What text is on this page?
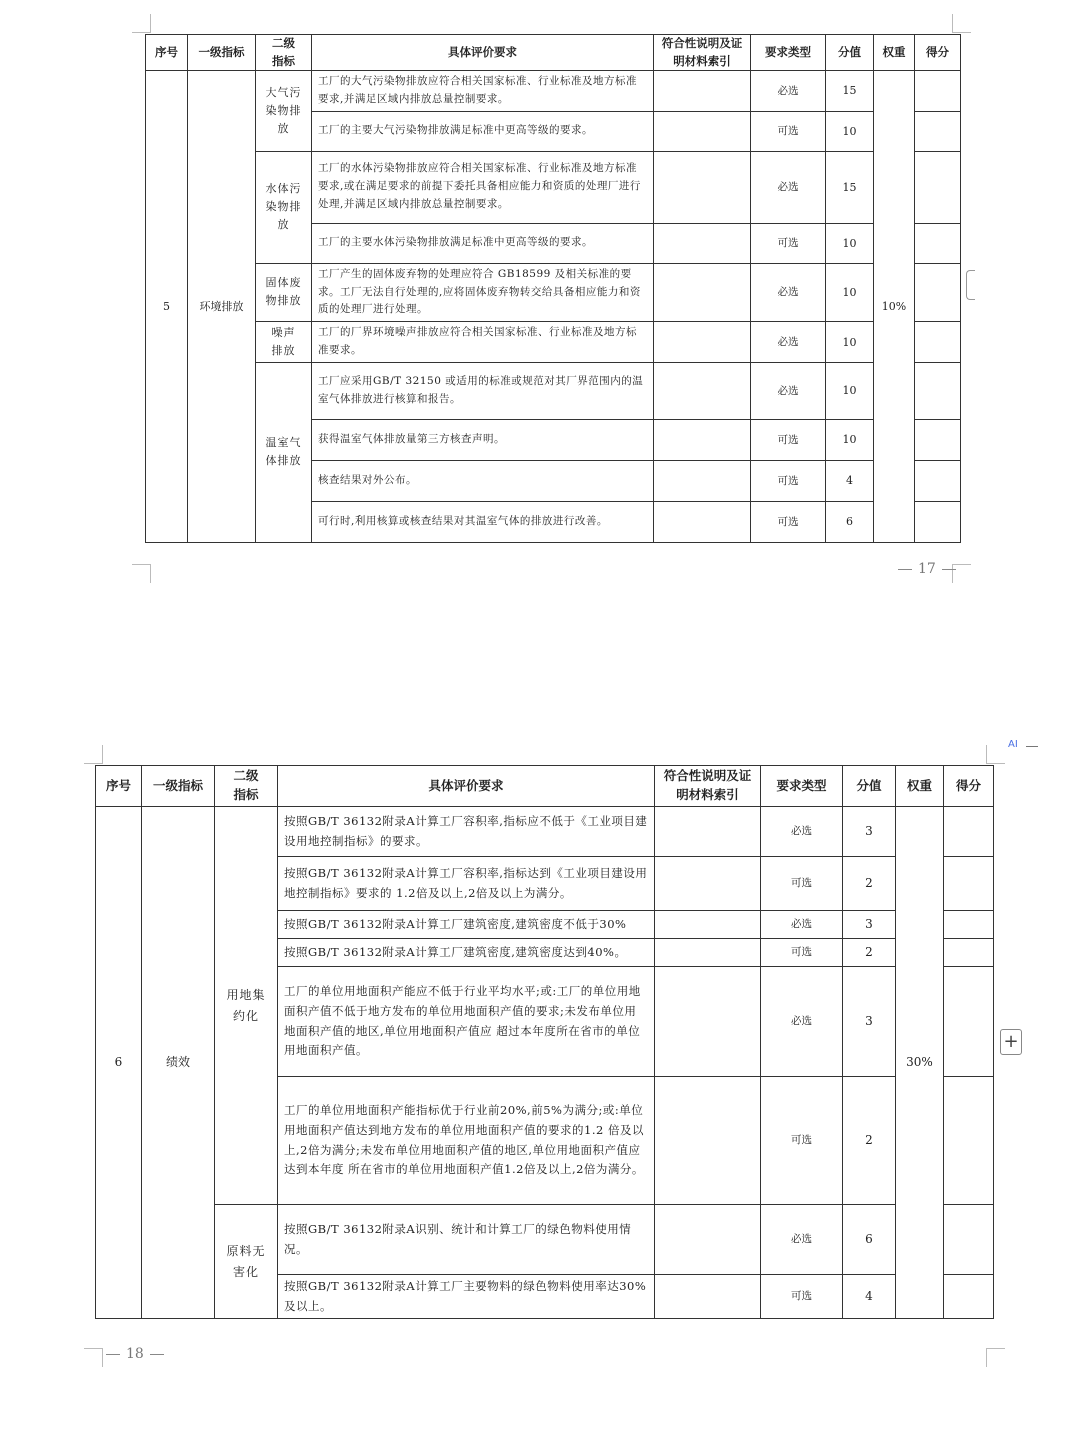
序号	一级指标	二级
指标	具体评价要求	符合性说明及证
明材料索引	要求类型	分值	权重	得分
5	环境排放	大气污
染物排
放	工厂的大气污染物排放应符合相关国家标准、行业标准及地方标准要求,并满足区域内排放总量控制要求。		必选	15	10%	
			工厂的主要大气污染物排放满足标准中更高等级的要求。		可选	10		
		水体污
染物排
放	工厂的水体污染物排放应符合相关国家标准、行业标准及地方标准要求,或在满足要求的前提下委托具备相应能力和资质的处理厂进行处理,并满足区域内排放总量控制要求。		必选	15		
			工厂的主要水体污染物排放满足标准中更高等级的要求。		可选	10		
		固体废
物排放	工厂产生的固体废弃物的处理应符合 GB18599 及相关标准的要求。工厂无法自行处理的,应将固体废弃物转交给具备相应能力和资质的处理厂进行处理。		必选	10		
		噪声
排放	工厂的厂界环境噪声排放应符合相关国家标准、行业标准及地方标准要求。		必选	10		
		温室气
体排放	工厂应采用GB/T 32150 或适用的标准或规范对其厂界范围内的温室气体排放进行核算和报告。		必选	10		
			获得温室气体排放量第三方核查声明。		可选	10		
			核查结果对外公布。		可选	4		
			可行时,利用核算或核查结果对其温室气体的排放进行改善。		可选	6		
17
AI
+
序号	一级指标	二级
指标	具体评价要求	符合性说明及证
明材料索引	要求类型	分值	权重	得分
6	绩效	用地集
约化	按照GB/T 36132附录A计算工厂容积率,指标应不低于《工业项目建设用地控制指标》的要求。		必选	3	30%	
			按照GB/T 36132附录A计算工厂容积率,指标达到《工业项目建设用地控制指标》要求的 1.2倍及以上,2倍及以上为满分。		可选	2		
			按照GB/T 36132附录A计算工厂建筑密度,建筑密度不低于30%		必选	3		
			按照GB/T 36132附录A计算工厂建筑密度,建筑密度达到40%。		可选	2		
			工厂的单位用地面积产能应不低于行业平均水平;或:工厂的单位用地面积产值不低于地方发布的单位用地面积产值的要求;未发布单位用地面积产值的地区,单位用地面积产值应 超过本年度所在省市的单位用地面积产值。		必选	3		
			工厂的单位用地面积产能指标优于行业前20%,前5%为满分;或:单位用地面积产值达到地方发布的单位用地面积产值的要求的1.2 倍及以上,2倍为满分;未发布单位用地面积产值的地区,单位用地面积产值应达到本年度 所在省市的单位用地面积产值1.2倍及以上,2倍为满分。		可选	2		
		原料无
害化	按照GB/T 36132附录A识别、统计和计算工厂的绿色物料使用情况。		必选	6		
			按照GB/T 36132附录A计算工厂主要物料的绿色物料使用率达30%及以上。		可选	4		
18
